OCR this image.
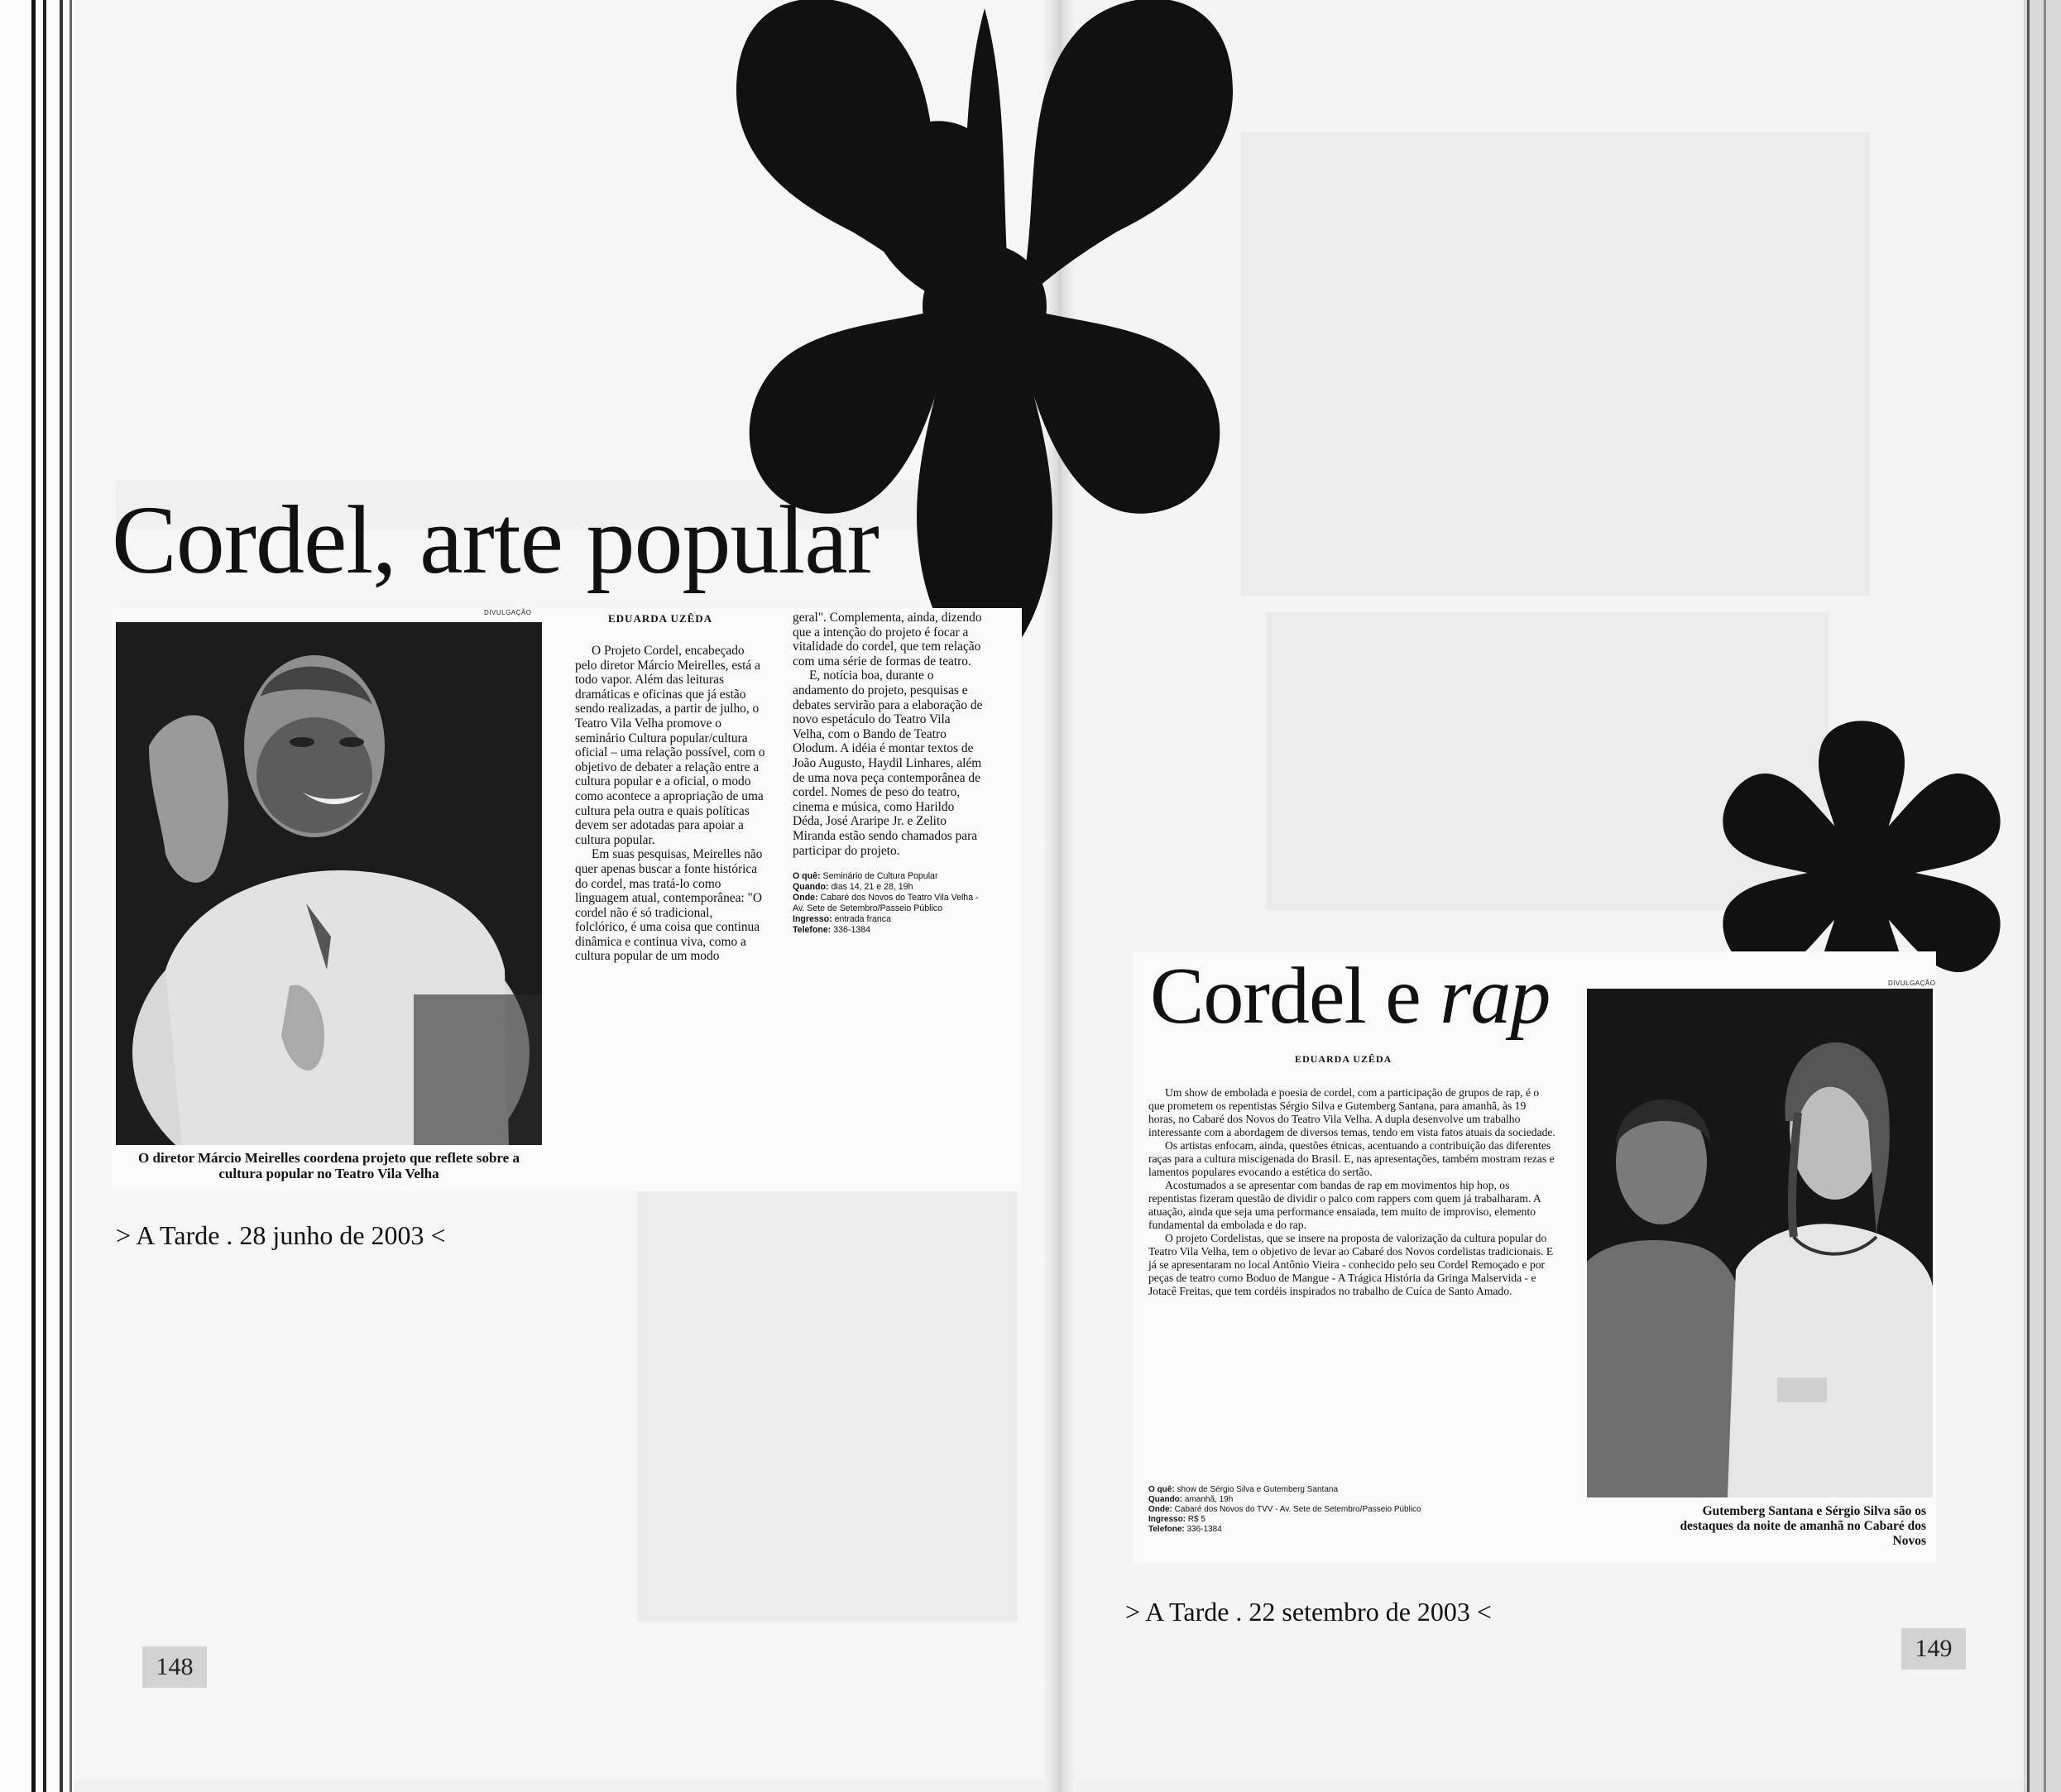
Cordel, arte popular
DIVULGAÇÃO
O diretor Márcio Meirelles coordena projeto que reflete sobre a cultura popular no Teatro Vila Velha
EDUARDA UZÊDA

O Projeto Cordel, encabeçado pelo diretor Márcio Meirelles, está a todo vapor. Além das leituras dramáticas e oficinas que já estão sendo realizadas, a partir de julho, o Teatro Vila Velha promove o seminário Cultura popular/cultura oficial – uma relação possível, com o objetivo de debater a relação entre a cultura popular e a oficial, o modo como acontece a apropriação de uma cultura pela outra e quais políticas devem ser adotadas para apoiar a cultura popular.

Em suas pesquisas, Meirelles não quer apenas buscar a fonte histórica do cordel, mas tratá-lo como linguagem atual, contemporânea: "O cordel não é só tradicional, folclórico, é uma coisa que continua dinâmica e continua viva, como a cultura popular de um modo

geral". Complementa, ainda, dizendo que a intenção do projeto é focar a vitalidade do cordel, que tem relação com uma série de formas de teatro.

E, notícia boa, durante o andamento do projeto, pesquisas e debates servirão para a elaboração de novo espetáculo do Teatro Vila Velha, com o Bando de Teatro Olodum. A idéia é montar textos de João Augusto, Haydil Linhares, além de uma nova peça contemporânea de cordel. Nomes de peso do teatro, cinema e música, como Harildo Déda, José Araripe Jr. e Zelito Miranda estão sendo chamados para participar do projeto.

O quê: Seminário de Cultura Popular
Quando: dias 14, 21 e 28, 19h
Onde: Cabaré dos Novos do Teatro Vila Velha - Av. Sete de Setembro/Passeio Público
Ingresso: entrada franca
Telefone: 336-1384
> A Tarde . 28 junho de 2003 <
148
Cordel e rap
EDUARDA UZÊDA

Um show de embolada e poesia de cordel, com a participação de grupos de rap, é o que prometem os repentistas Sérgio Silva e Gutemberg Santana, para amanhã, às 19 horas, no Cabaré dos Novos do Teatro Vila Velha. A dupla desenvolve um trabalho interessante com a abordagem de diversos temas, tendo em vista fatos atuais da sociedade.

Os artistas enfocam, ainda, questões étnicas, acentuando a contribuição das diferentes raças para a cultura miscigenada do Brasil. E, nas apresentações, também mostram rezas e lamentos populares evocando a estética do sertão.

Acostumados a se apresentar com bandas de rap em movimentos hip hop, os repentistas fizeram questão de dividir o palco com rappers com quem já trabalharam. A atuação, ainda que seja uma performance ensaiada, tem muito de improviso, elemento fundamental da embolada e do rap.

O projeto Cordelistas, que se insere na proposta de valorização da cultura popular do Teatro Vila Velha, tem o objetivo de levar ao Cabaré dos Novos cordelistas tradicionais. E já se apresentaram no local Antônio Vieira - conhecido pelo seu Cordel Remoçado e por peças de teatro como Boduo de Mangue - A Trágica História da Gringa Malservida - e Jotacê Freitas, que tem cordéis inspirados no trabalho de Cuíca de Santo Amado.

O quê: show de Sérgio Silva e Gutemberg Santana
Quando: amanhã, 19h
Onde: Cabaré dos Novos do TVV - Av. Sete de Setembro/Passeio Público
Ingresso: R$ 5
Telefone: 336-1384
DIVULGAÇÃO
Gutemberg Santana e Sérgio Silva são os destaques da noite de amanhã no Cabaré dos Novos
> A Tarde . 22 setembro de 2003 <
149
